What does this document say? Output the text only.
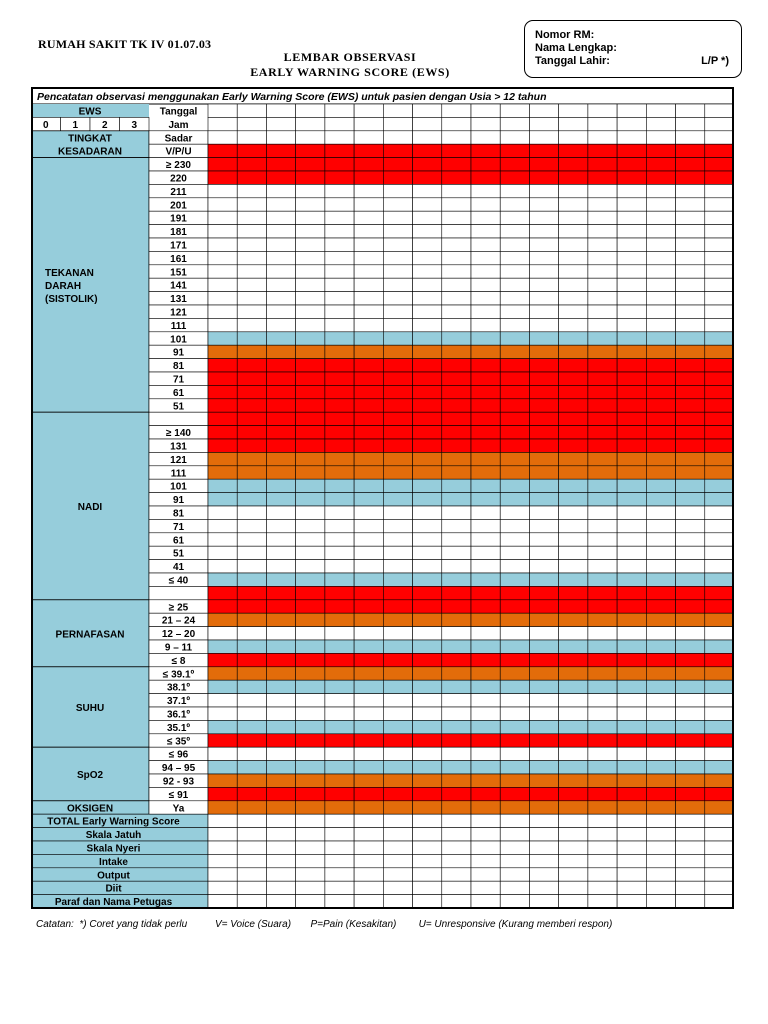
RUMAH SAKIT TK IV 01.07.03
LEMBAR OBSERVASI
EARLY WARNING SCORE (EWS)
Nomor RM:
Nama Lengkap:
Tanggal Lahir:	L/P *)
Pencatatan observasi menggunakan Early Warning Score (EWS) untuk pasien dengan Usia > 12 tahun
EWS	Tanggal
0 1 2 3	Jam
TINGKAT
KESADARAN
Sadar
V/P/U
TEKANAN
DARAH
(SISTOLIK)
≥ 230
220
211
201
191
181
171
161
151
141
131
121
111
101
91
81
71
61
51
NADI
≥ 140
131
121
111
101
91
81
71
61
51
41
≤ 40
PERNAFASAN
≥ 25
21 – 24
12 – 20
9 – 11
≤ 8
SUHU
≤ 39.1º
38.1º
37.1º
36.1º
35.1º
≤ 35º
SpO2
≤ 96
94 – 95
92 - 93
≤ 91
OKSIGEN	Ya
TOTAL Early Warning Score
Skala Jatuh
Skala Nyeri
Intake
Output
Diit
Paraf dan Nama Petugas
Catatan:  *) Coret yang tidak perlu          V= Voice (Suara)       P=Pain (Kesakitan)        U= Unresponsive (Kurang memberi respon)
